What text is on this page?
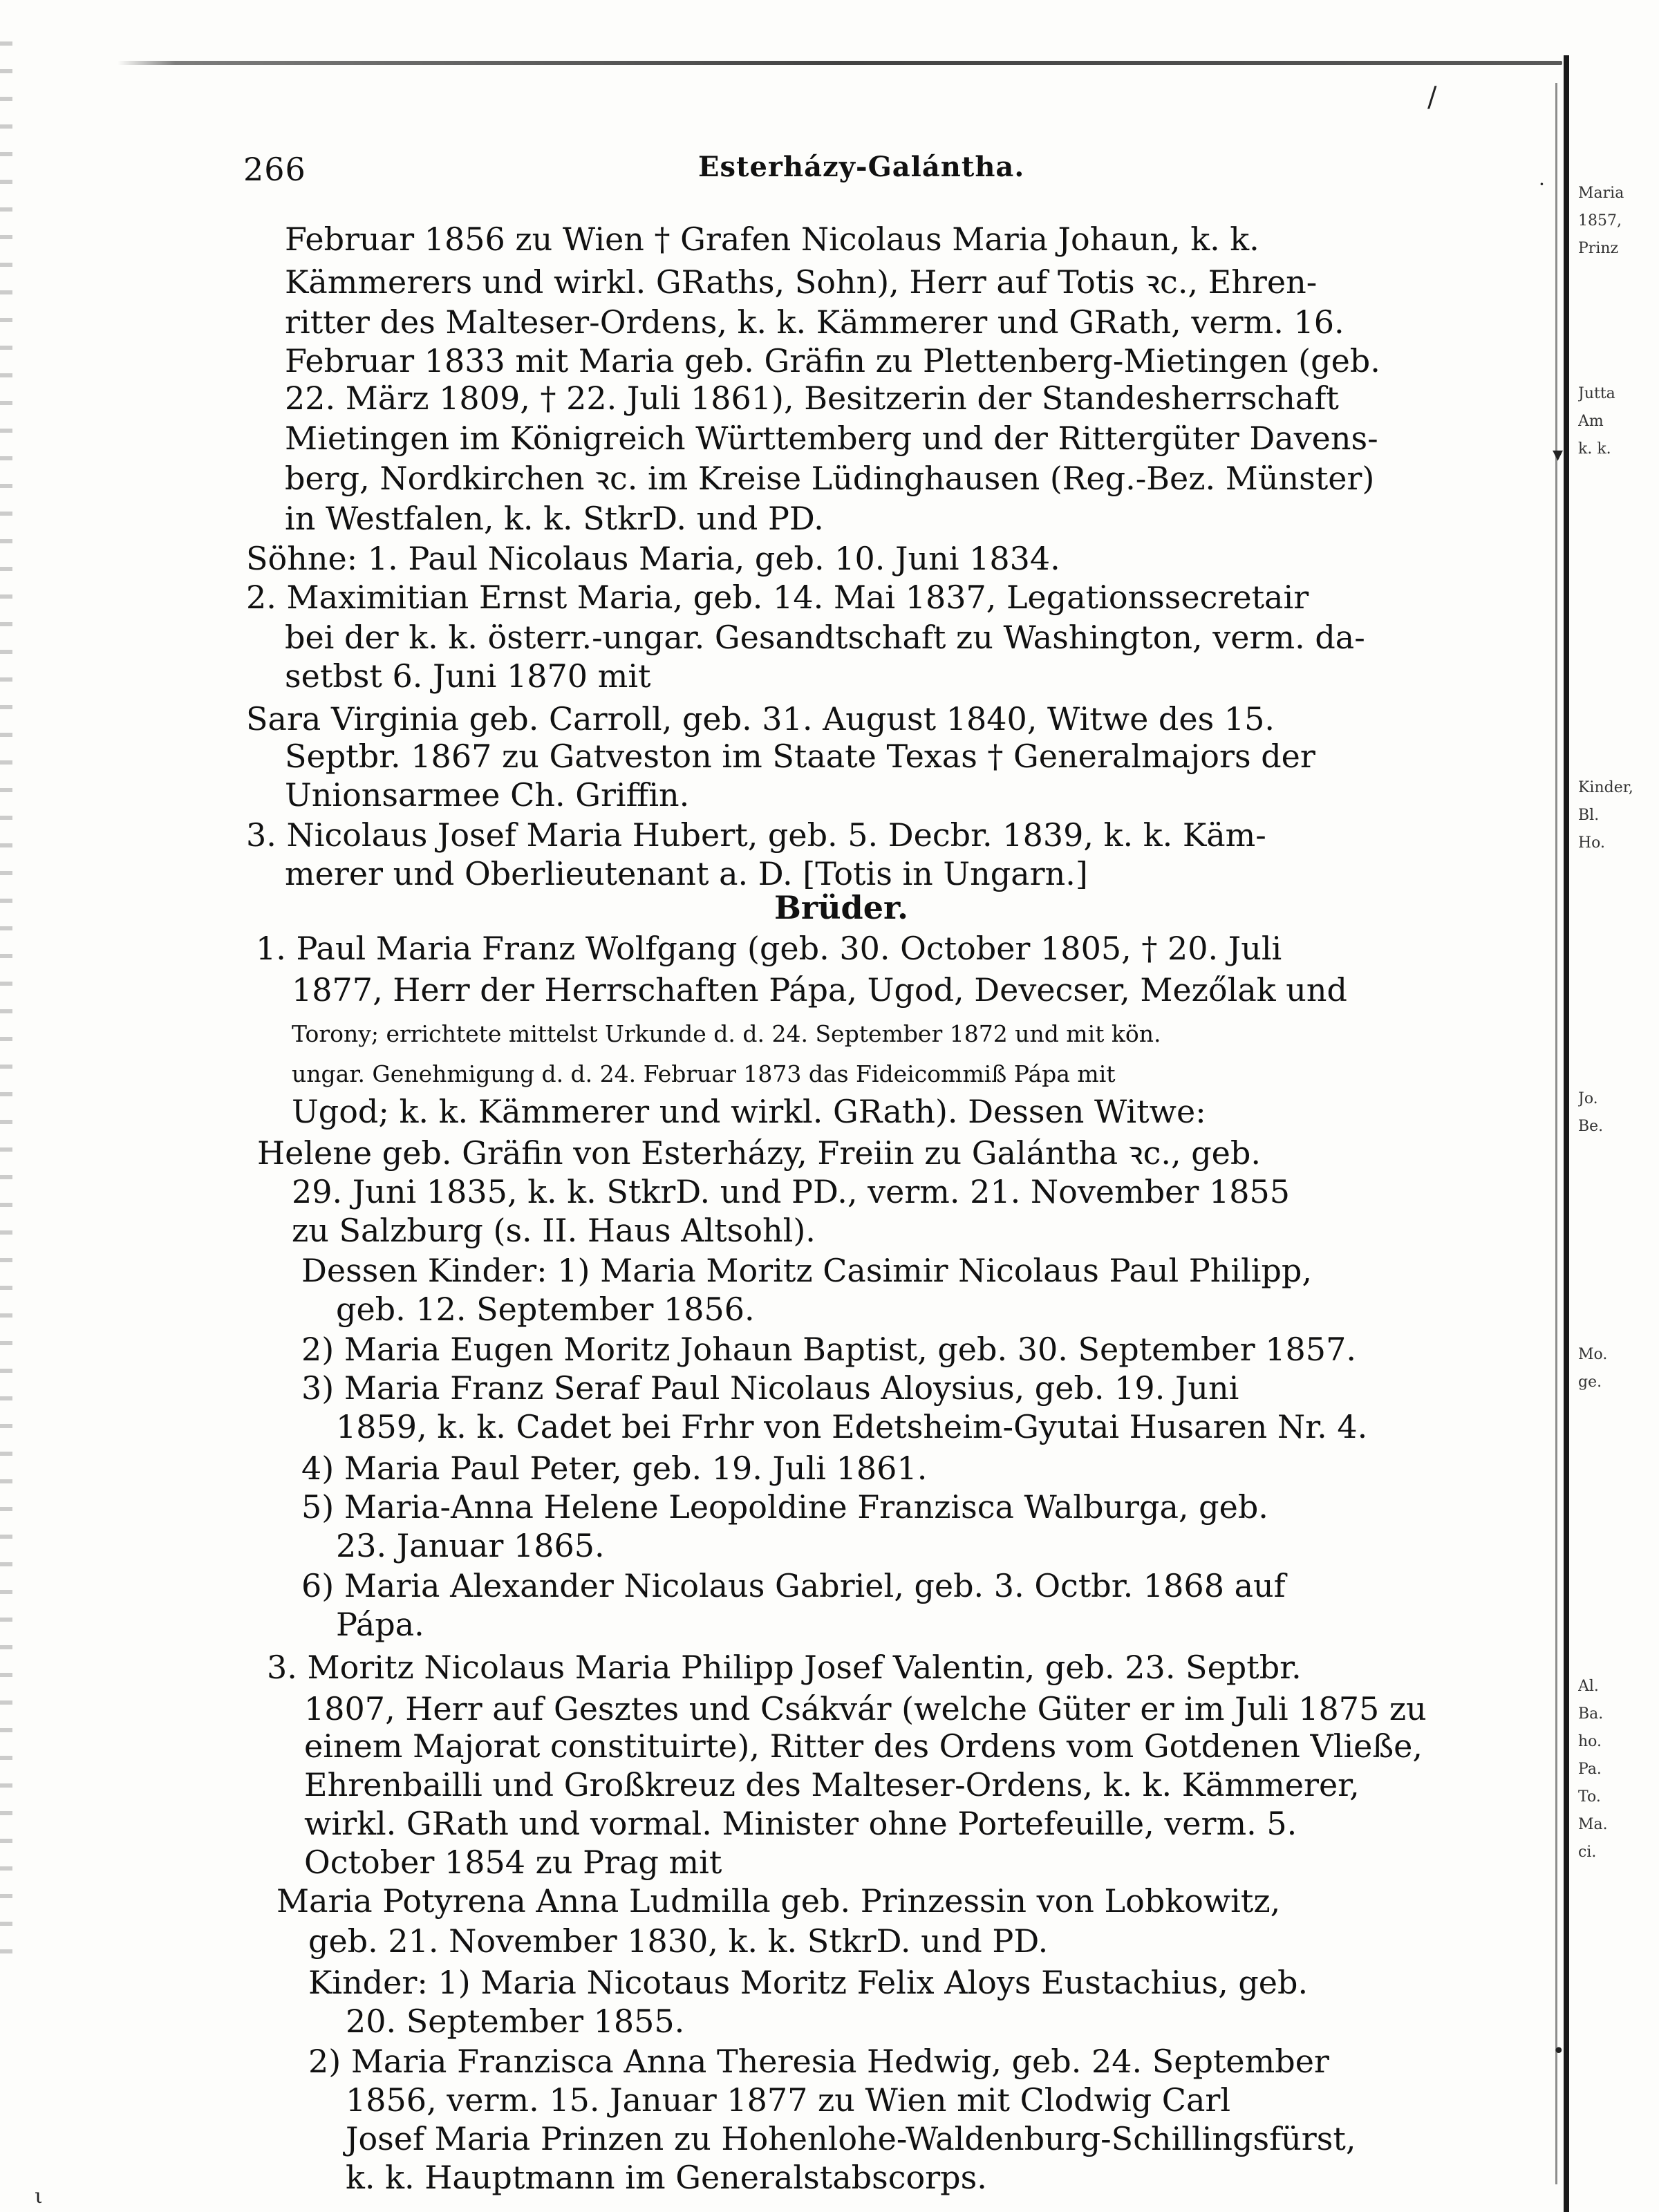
/
·
▾
•
ι
Maria
1857,
Prinz
Jutta
Am
k. k.
Kinder,
Bl.
Ho.
Jo.
Be.
Mo.
ge.
Al.
Ba.
ho.
Pa.
To.
Ma.
ci.
266	Esterházy-Galántha.
Februar 1856 zu Wien † Grafen Nicolaus Maria Johaun, k. k.
Kämmerers und wirkl. GRaths, Sohn), Herr auf Totis ꝛc., Ehren-
ritter des Malteser-Ordens, k. k. Kämmerer und GRath, verm. 16.
Februar 1833 mit Maria geb. Gräfin zu Plettenberg-Mietingen (geb.
22. März 1809, † 22. Juli 1861), Besitzerin der Standesherrschaft
Mietingen im Königreich Württemberg und der Rittergüter Davens-
berg, Nordkirchen ꝛc. im Kreise Lüdinghausen (Reg.-Bez. Münster)
in Westfalen, k. k. StkrD. und PD.
Söhne: 1. Paul Nicolaus Maria, geb. 10. Juni 1834.
2. Maximitian Ernst Maria, geb. 14. Mai 1837, Legationssecretair
bei der k. k. österr.-ungar. Gesandtschaft zu Washington, verm. da-
setbst 6. Juni 1870 mit
Sara Virginia geb. Carroll, geb. 31. August 1840, Witwe des 15.
Septbr. 1867 zu Gatveston im Staate Texas † Generalmajors der
Unionsarmee Ch. Griffin.
3. Nicolaus Josef Maria Hubert, geb. 5. Decbr. 1839, k. k. Käm-
merer und Oberlieutenant a. D. [Totis in Ungarn.]
Brüder.
1. Paul Maria Franz Wolfgang (geb. 30. October 1805, † 20. Juli
1877, Herr der Herrschaften Pápa, Ugod, Devecser, Mezőlak und
Torony; errichtete mittelst Urkunde d. d. 24. September 1872 und mit kön.
ungar. Genehmigung d. d. 24. Februar 1873 das Fideicommiß Pápa mit
Ugod; k. k. Kämmerer und wirkl. GRath). Dessen Witwe:
Helene geb. Gräfin von Esterházy, Freiin zu Galántha ꝛc., geb.
29. Juni 1835, k. k. StkrD. und PD., verm. 21. November 1855
zu Salzburg (s. II. Haus Altsohl).
Dessen Kinder: 1) Maria Moritz Casimir Nicolaus Paul Philipp,
geb. 12. September 1856.
2) Maria Eugen Moritz Johaun Baptist, geb. 30. September 1857.
3) Maria Franz Seraf Paul Nicolaus Aloysius, geb. 19. Juni
1859, k. k. Cadet bei Frhr von Edetsheim-Gyutai Husaren Nr. 4.
4) Maria Paul Peter, geb. 19. Juli 1861.
5) Maria-Anna Helene Leopoldine Franzisca Walburga, geb.
23. Januar 1865.
6) Maria Alexander Nicolaus Gabriel, geb. 3. Octbr. 1868 auf
Pápa.
3. Moritz Nicolaus Maria Philipp Josef Valentin, geb. 23. Septbr.
1807, Herr auf Gesztes und Csákvár (welche Güter er im Juli 1875 zu
einem Majorat constituirte), Ritter des Ordens vom Gotdenen Vließe,
Ehrenbailli und Großkreuz des Malteser-Ordens, k. k. Kämmerer,
wirkl. GRath und vormal. Minister ohne Portefeuille, verm. 5.
October 1854 zu Prag mit
Maria Potyrena Anna Ludmilla geb. Prinzessin von Lobkowitz,
geb. 21. November 1830, k. k. StkrD. und PD.
Kinder: 1) Maria Nicotaus Moritz Felix Aloys Eustachius, geb.
20. September 1855.
2) Maria Franzisca Anna Theresia Hedwig, geb. 24. September
1856, verm. 15. Januar 1877 zu Wien mit Clodwig Carl
Josef Maria Prinzen zu Hohenlohe-Waldenburg-Schillingsfürst,
k. k. Hauptmann im Generalstabscorps.
